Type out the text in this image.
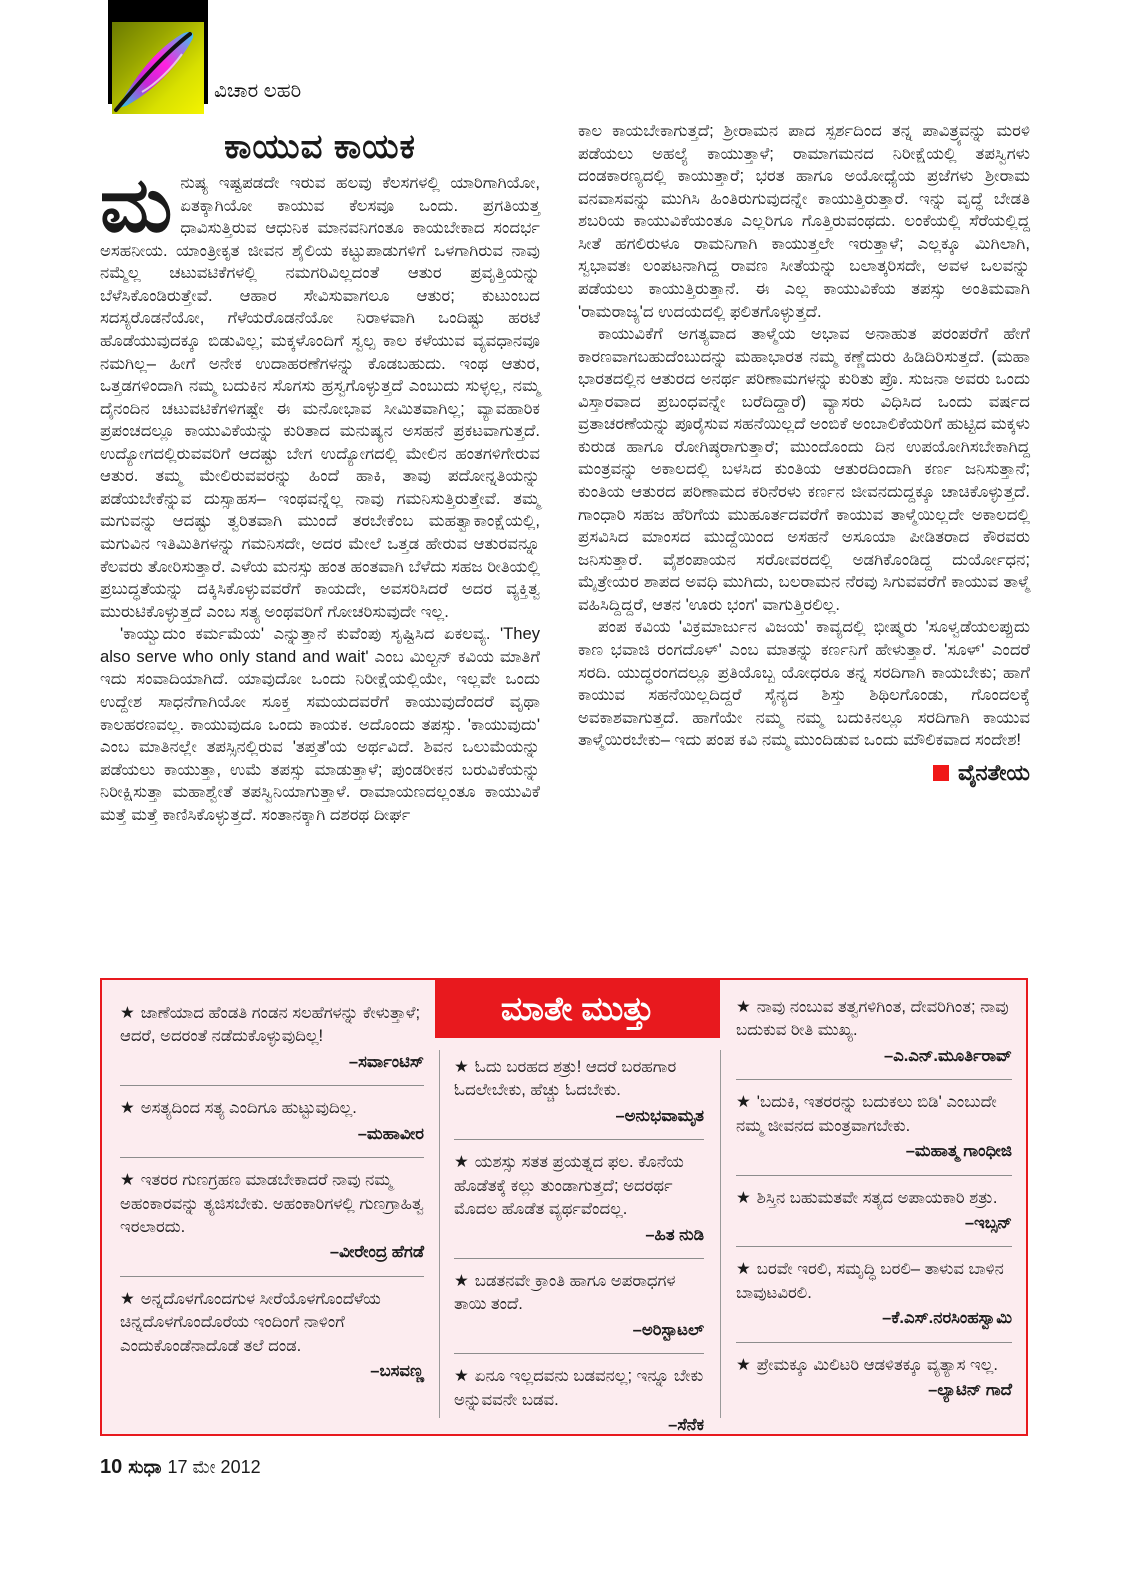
ವಿಚಾರ ಲಹರಿ
ಕಾಯುವ ಕಾಯಕ

ಮನುಷ್ಯ ಇಷ್ಟಪಡದೇ ಇರುವ ಹಲವು ಕೆಲಸಗಳಲ್ಲಿ ಯಾರಿಗಾಗಿಯೋ, ಏತಕ್ಕಾಗಿಯೋ ಕಾಯುವ ಕೆಲಸವೂ ಒಂದು. ಪ್ರಗತಿಯತ್ತ ಧಾವಿಸುತ್ತಿರುವ ಆಧುನಿಕ ಮಾನವನಿಗಂತೂ ಕಾಯಬೇಕಾದ ಸಂದರ್ಭ ಅಸಹನೀಯ. ಯಾಂತ್ರೀಕೃತ ಜೀವನ ಶೈಲಿಯ ಕಟ್ಟುಪಾಡುಗಳಿಗೆ ಒಳಗಾಗಿರುವ ನಾವು ನಮ್ಮೆಲ್ಲ ಚಟುವಟಿಕೆಗಳಲ್ಲಿ ನಮಗರಿವಿಲ್ಲದಂತೆ ಆತುರ ಪ್ರವೃತ್ತಿಯನ್ನು ಬೆಳೆಸಿಕೊಂಡಿರುತ್ತೇವೆ. ಆಹಾರ ಸೇವಿಸುವಾಗಲೂ ಆತುರ; ಕುಟುಂಬದ ಸದಸ್ಯರೊಡನೆಯೋ, ಗೆಳೆಯರೊಡನೆಯೋ ನಿರಾಳವಾಗಿ ಒಂದಿಷ್ಟು ಹರಟೆ ಹೊಡೆಯುವುದಕ್ಕೂ ಬಿಡುವಿಲ್ಲ; ಮಕ್ಕಳೊಂದಿಗೆ ಸ್ವಲ್ಪ ಕಾಲ ಕಳೆಯುವ ವ್ಯವಧಾನವೂ ನಮಗಿಲ್ಲ– ಹೀಗೆ ಅನೇಕ ಉದಾಹರಣೆಗಳನ್ನು ಕೊಡಬಹುದು. ಇಂಥ ಆತುರ, ಒತ್ತಡಗಳಿಂದಾಗಿ ನಮ್ಮ ಬದುಕಿನ ಸೊಗಸು ಹ್ರಸ್ವಗೊಳ್ಳುತ್ತದೆ ಎಂಬುದು ಸುಳ್ಳಲ್ಲ, ನಮ್ಮ ದೈನಂದಿನ ಚಟುವಟಿಕೆಗಳಿಗಷ್ಟೇ ಈ ಮನೋಭಾವ ಸೀಮಿತವಾಗಿಲ್ಲ; ವ್ಯಾವಹಾರಿಕ ಪ್ರಪಂಚದಲ್ಲೂ ಕಾಯುವಿಕೆಯನ್ನು ಕುರಿತಾದ ಮನುಷ್ಯನ ಅಸಹನೆ ಪ್ರಕಟವಾಗುತ್ತದೆ. ಉದ್ಯೋಗದಲ್ಲಿರುವವರಿಗೆ ಆದಷ್ಟು ಬೇಗ ಉದ್ಯೋಗದಲ್ಲಿ ಮೇಲಿನ ಹಂತಗಳಿಗೇರುವ ಆತುರ. ತಮ್ಮ ಮೇಲಿರುವವರನ್ನು ಹಿಂದೆ ಹಾಕಿ, ತಾವು ಪದೋನ್ನತಿಯನ್ನು ಪಡೆಯಬೇಕೆನ್ನುವ ದುಸ್ಸಾಹಸ– ಇಂಥವನ್ನೆಲ್ಲ ನಾವು ಗಮನಿಸುತ್ತಿರುತ್ತೇವೆ. ತಮ್ಮ ಮಗುವನ್ನು ಆದಷ್ಟು ತ್ವರಿತವಾಗಿ ಮುಂದೆ ತರಬೇಕೆಂಬ ಮಹತ್ವಾಕಾಂಕ್ಷೆಯಲ್ಲಿ, ಮಗುವಿನ ಇತಿಮಿತಿಗಳನ್ನು ಗಮನಿಸದೇ, ಅದರ ಮೇಲೆ ಒತ್ತಡ ಹೇರುವ ಆತುರವನ್ನೂ ಕೆಲವರು ತೋರಿಸುತ್ತಾರೆ. ಎಳೆಯ ಮನಸ್ಸು ಹಂತ ಹಂತವಾಗಿ ಬೆಳೆದು ಸಹಜ ರೀತಿಯಲ್ಲಿ ಪ್ರಬುದ್ಧತೆಯನ್ನು ದಕ್ಕಿಸಿಕೊಳ್ಳುವವರೆಗೆ ಕಾಯದೇ, ಅವಸರಿಸಿದರೆ ಅದರ ವ್ಯಕ್ತಿತ್ವ ಮುರುಟಿಕೊಳ್ಳುತ್ತದೆ ಎಂಬ ಸತ್ಯ ಅಂಥವರಿಗೆ ಗೋಚರಿಸುವುದೇ ಇಲ್ಲ.

'ಕಾಯ್ವುದುಂ ಕರ್ಮಮೆಯ' ಎನ್ನುತ್ತಾನೆ ಕುವೆಂಪು ಸೃಷ್ಟಿಸಿದ ಏಕಲವ್ಯ. 'They also serve who only stand and wait' ಎಂಬ ಮಿಲ್ಟನ್ ಕವಿಯ ಮಾತಿಗೆ ಇದು ಸಂವಾದಿಯಾಗಿದೆ. ಯಾವುದೋ ಒಂದು ನಿರೀಕ್ಷೆಯಲ್ಲಿಯೇ, ಇಲ್ಲವೇ ಒಂದು ಉದ್ದೇಶ ಸಾಧನೆಗಾಗಿಯೋ ಸೂಕ್ತ ಸಮಯದವರೆಗೆ ಕಾಯುವುದೆಂದರೆ ವೃಥಾ ಕಾಲಹರಣವಲ್ಲ. ಕಾಯುವುದೂ ಒಂದು ಕಾಯಕ. ಅದೊಂದು ತಪಸ್ಸು. 'ಕಾಯುವುದು' ಎಂಬ ಮಾತಿನಲ್ಲೇ ತಪಸ್ಸಿನಲ್ಲಿರುವ 'ತಪ್ತತೆ'ಯ ಅರ್ಥವಿದೆ. ಶಿವನ ಒಲುಮೆಯನ್ನು ಪಡೆಯಲು ಕಾಯುತ್ತಾ, ಉಮೆ ತಪಸ್ಸು ಮಾಡುತ್ತಾಳೆ; ಪುಂಡರೀಕನ ಬರುವಿಕೆಯನ್ನು ನಿರೀಕ್ಷಿಸುತ್ತಾ ಮಹಾಶ್ವೇತೆ ತಪಸ್ವಿನಿಯಾಗುತ್ತಾಳೆ. ರಾಮಾಯಣದಲ್ಲಂತೂ ಕಾಯುವಿಕೆ ಮತ್ತೆ ಮತ್ತೆ ಕಾಣಿಸಿಕೊಳ್ಳುತ್ತದೆ. ಸಂತಾನಕ್ಕಾಗಿ ದಶರಥ ದೀರ್ಘ

ಕಾಲ ಕಾಯಬೇಕಾಗುತ್ತದೆ; ಶ್ರೀರಾಮನ ಪಾದ ಸ್ಪರ್ಶದಿಂದ ತನ್ನ ಪಾವಿತ್ರ್ಯವನ್ನು ಮರಳಿ ಪಡೆಯಲು ಅಹಲ್ಯೆ ಕಾಯುತ್ತಾಳೆ; ರಾಮಾಗಮನದ ನಿರೀಕ್ಷೆಯಲ್ಲಿ ತಪಸ್ವಿಗಳು ದಂಡಕಾರಣ್ಯದಲ್ಲಿ ಕಾಯುತ್ತಾರೆ; ಭರತ ಹಾಗೂ ಅಯೋಧ್ಯೆಯ ಪ್ರಜೆಗಳು ಶ್ರೀರಾಮ ವನವಾಸವನ್ನು ಮುಗಿಸಿ ಹಿಂತಿರುಗುವುದನ್ನೇ ಕಾಯುತ್ತಿರುತ್ತಾರೆ. ಇನ್ನು ವೃದ್ಧೆ ಬೇಡತಿ ಶಬರಿಯ ಕಾಯುವಿಕೆಯಂತೂ ಎಲ್ಲರಿಗೂ ಗೊತ್ತಿರುವಂಥದು. ಲಂಕೆಯಲ್ಲಿ ಸೆರೆಯಲ್ಲಿದ್ದ ಸೀತೆ ಹಗಲಿರುಳೂ ರಾಮನಿಗಾಗಿ ಕಾಯುತ್ತಲೇ ಇರುತ್ತಾಳೆ; ಎಲ್ಲಕ್ಕೂ ಮಿಗಿಲಾಗಿ, ಸ್ವಭಾವತಃ ಲಂಪಟನಾಗಿದ್ದ ರಾವಣ ಸೀತೆಯನ್ನು ಬಲಾತ್ಕರಿಸದೇ, ಅವಳ ಒಲವನ್ನು ಪಡೆಯಲು ಕಾಯುತ್ತಿರುತ್ತಾನೆ. ಈ ಎಲ್ಲ ಕಾಯುವಿಕೆಯ ತಪಸ್ಸು ಅಂತಿಮವಾಗಿ 'ರಾಮರಾಜ್ಯ'ದ ಉದಯದಲ್ಲಿ ಫಲಿತಗೊಳ್ಳುತ್ತದೆ.

ಕಾಯುವಿಕೆಗೆ ಅಗತ್ಯವಾದ ತಾಳ್ಮೆಯ ಅಭಾವ ಅನಾಹುತ ಪರಂಪರೆಗೆ ಹೇಗೆ ಕಾರಣವಾಗಬಹುದೆಂಬುದನ್ನು ಮಹಾಭಾರತ ನಮ್ಮ ಕಣ್ಣೆದುರು ಹಿಡಿದಿರಿಸುತ್ತದೆ. (ಮಹಾ ಭಾರತದಲ್ಲಿನ ಆತುರದ ಅನರ್ಥ ಪರಿಣಾಮಗಳನ್ನು ಕುರಿತು ಪ್ರೊ. ಸುಜನಾ ಅವರು ಒಂದು ವಿಸ್ತಾರವಾದ ಪ್ರಬಂಧವನ್ನೇ ಬರೆದಿದ್ದಾರೆ) ವ್ಯಾಸರು ವಿಧಿಸಿದ ಒಂದು ವರ್ಷದ ವ್ರತಾಚರಣೆಯನ್ನು ಪೂರೈಸುವ ಸಹನೆಯಿಲ್ಲದೆ ಅಂಬಿಕೆ ಅಂಬಾಲಿಕೆಯರಿಗೆ ಹುಟ್ಟಿದ ಮಕ್ಕಳು ಕುರುಡ ಹಾಗೂ ರೋಗಿಷ್ಠರಾಗುತ್ತಾರೆ; ಮುಂದೊಂದು ದಿನ ಉಪಯೋಗಿಸಬೇಕಾಗಿದ್ದ ಮಂತ್ರವನ್ನು ಅಕಾಲದಲ್ಲಿ ಬಳಸಿದ ಕುಂತಿಯ ಆತುರದಿಂದಾಗಿ ಕರ್ಣ ಜನಿಸುತ್ತಾನೆ; ಕುಂತಿಯ ಆತುರದ ಪರಿಣಾಮದ ಕರಿನೆರಳು ಕರ್ಣನ ಜೀವನದುದ್ದಕ್ಕೂ ಚಾಚಿಕೊಳ್ಳುತ್ತದೆ. ಗಾಂಧಾರಿ ಸಹಜ ಹೆರಿಗೆಯ ಮುಹೂರ್ತದವರೆಗೆ ಕಾಯುವ ತಾಳ್ಮೆಯಿಲ್ಲದೇ ಅಕಾಲದಲ್ಲಿ ಪ್ರಸವಿಸಿದ ಮಾಂಸದ ಮುದ್ದೆಯಿಂದ ಅಸಹನೆ ಅಸೂಯಾ ಪೀಡಿತರಾದ ಕೌರವರು ಜನಿಸುತ್ತಾರೆ. ವೈಶಂಪಾಯನ ಸರೋವರದಲ್ಲಿ ಅಡಗಿಕೊಂಡಿದ್ದ ದುರ್ಯೋಧನ; ಮೈತ್ರೇಯರ ಶಾಪದ ಅವಧಿ ಮುಗಿದು, ಬಲರಾಮನ ನೆರವು ಸಿಗುವವರೆಗೆ ಕಾಯುವ ತಾಳ್ಮೆ ವಹಿಸಿದ್ದಿದ್ದರೆ, ಆತನ 'ಊರು ಭಂಗ' ವಾಗುತ್ತಿರಲಿಲ್ಲ.

ಪಂಪ ಕವಿಯ 'ವಿಕ್ರಮಾರ್ಜುನ ವಿಜಯ' ಕಾವ್ಯದಲ್ಲಿ ಭೀಷ್ಮರು 'ಸೂಳ್ವಡೆಯಲಪ್ಪುದು ಕಾಣ ಭವಾಜಿ ರಂಗದೊಳ್' ಎಂಬ ಮಾತನ್ನು ಕರ್ಣನಿಗೆ ಹೇಳುತ್ತಾರೆ. 'ಸೂಳ್' ಎಂದರೆ ಸರದಿ. ಯುದ್ಧರಂಗದಲ್ಲೂ ಪ್ರತಿಯೊಬ್ಬ ಯೋಧರೂ ತನ್ನ ಸರದಿಗಾಗಿ ಕಾಯಬೇಕು; ಹಾಗೆ ಕಾಯುವ ಸಹನೆಯಿಲ್ಲದಿದ್ದರೆ ಸೈನ್ಯದ ಶಿಸ್ತು ಶಿಥಿಲಗೊಂಡು, ಗೊಂದಲಕ್ಕೆ ಅವಕಾಶವಾಗುತ್ತದೆ. ಹಾಗೆಯೇ ನಮ್ಮ ನಮ್ಮ ಬದುಕಿನಲ್ಲೂ ಸರದಿಗಾಗಿ ಕಾಯುವ ತಾಳ್ಮೆಯಿರಬೇಕು– ಇದು ಪಂಪ ಕವಿ ನಮ್ಮ ಮುಂದಿಡುವ ಒಂದು ಮೌಲಿಕವಾದ ಸಂದೇಶ!

ವೈನತೇಯ
ಮಾತೇ ಮುತ್ತು
★ ಜಾಣೆಯಾದ ಹೆಂಡತಿ ಗಂಡನ ಸಲಹೆಗಳನ್ನು ಕೇಳುತ್ತಾಳೆ; ಆದರೆ, ಅದರಂತೆ ನಡೆದುಕೊಳ್ಳುವುದಿಲ್ಲ!
–ಸರ್ವಾಂಟಿಸ್
★ ಅಸತ್ಯದಿಂದ ಸತ್ಯ ಎಂದಿಗೂ ಹುಟ್ಟುವುದಿಲ್ಲ.
–ಮಹಾವೀರ
★ ಇತರರ ಗುಣಗ್ರಹಣ ಮಾಡಬೇಕಾದರೆ ನಾವು ನಮ್ಮ ಅಹಂಕಾರವನ್ನು ತ್ಯಜಿಸಬೇಕು. ಅಹಂಕಾರಿಗಳಲ್ಲಿ ಗುಣಗ್ರಾಹಿತ್ವ ಇರಲಾರದು.
–ವೀರೇಂದ್ರ ಹೆಗಡೆ
★ ಅನ್ನದೊಳಗೊಂದಗುಳ ಸೀರೆಯೊಳಗೊಂದೆಳೆಯ ಚಿನ್ನದೊಳಗೊಂದೊರೆಯ ಇಂದಿಂಗೆ ನಾಳಿಂಗೆ ಎಂದುಕೊಂಡೆನಾದೊಡೆ ತಲೆ ದಂಡ.
–ಬಸವಣ್ಣ
★ ಓದು ಬರಹದ ಶತ್ರು! ಆದರೆ ಬರಹಗಾರ ಓದಲೇಬೇಕು, ಹೆಚ್ಚು ಓದಬೇಕು.
–ಅನುಭವಾಮೃತ
★ ಯಶಸ್ಸು ಸತತ ಪ್ರಯತ್ನದ ಫಲ. ಕೊನೆಯ ಹೊಡೆತಕ್ಕೆ ಕಲ್ಲು ತುಂಡಾಗುತ್ತದೆ; ಅದರರ್ಥ ಮೊದಲ ಹೊಡೆತ ವ್ಯರ್ಥವೆಂದಲ್ಲ.
–ಹಿತ ನುಡಿ
★ ಬಡತನವೇ ಕ್ರಾಂತಿ ಹಾಗೂ ಅಪರಾಧಗಳ ತಾಯಿ ತಂದೆ.
–ಅರಿಸ್ಟಾಟಲ್
★ ಏನೂ ಇಲ್ಲದವನು ಬಡವನಲ್ಲ; ಇನ್ನೂ ಬೇಕು ಅನ್ನುವವನೇ ಬಡವ.
–ಸೆನೆಕ
★ ನಾವು ನಂಬುವ ತತ್ವಗಳಿಗಿಂತ, ದೇವರಿಗಿಂತ; ನಾವು ಬದುಕುವ ರೀತಿ ಮುಖ್ಯ.
–ಎ.ಎನ್.ಮೂರ್ತಿರಾವ್
★ 'ಬದುಕಿ, ಇತರರನ್ನು ಬದುಕಲು ಬಿಡಿ' ಎಂಬುದೇ ನಮ್ಮ ಜೀವನದ ಮಂತ್ರವಾಗಬೇಕು.
–ಮಹಾತ್ಮ ಗಾಂಧೀಜಿ
★ ಶಿಸ್ತಿನ ಬಹುಮತವೇ ಸತ್ಯದ ಅಪಾಯಕಾರಿ ಶತ್ರು.
–ಇಬ್ಸನ್
★ ಬರವೇ ಇರಲಿ, ಸಮೃದ್ಧಿ ಬರಲಿ– ತಾಳುವ ಬಾಳಿನ ಬಾವುಟವಿರಲಿ.
–ಕೆ.ಎಸ್.ನರಸಿಂಹಸ್ವಾಮಿ
★ ಪ್ರೇಮಕ್ಕೂ ಮಿಲಿಟರಿ ಆಡಳಿತಕ್ಕೂ ವ್ಯತ್ಯಾಸ ಇಲ್ಲ.
–ಲ್ಯಾಟಿನ್ ಗಾದೆ
10 ಸುಧಾ 17 ಮೇ 2012
